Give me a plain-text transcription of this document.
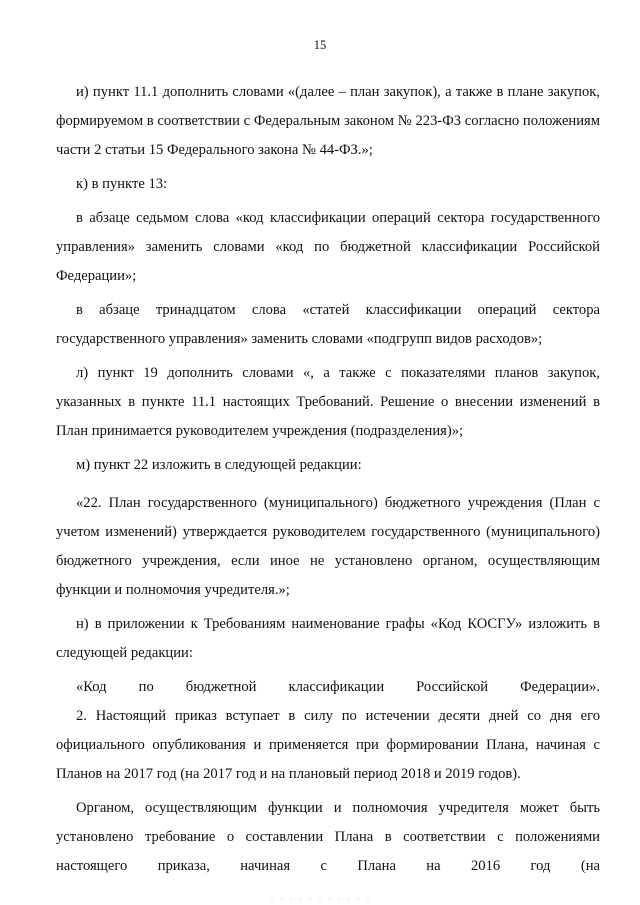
15

и) пункт 11.1 дополнить словами «(далее – план закупок), а также в плане закупок, формируемом в соответствии с Федеральным законом № 223-ФЗ согласно положениям части 2 статьи 15 Федерального закона № 44-ФЗ.»;

к) в пункте 13:

в абзаце седьмом слова «код классификации операций сектора государственного управления» заменить словами «код по бюджетной классификации Российской Федерации»;

в абзаце тринадцатом слова «статей классификации операций сектора государственного управления» заменить словами «подгрупп видов расходов»;

л) пункт 19 дополнить словами «, а также с показателями планов закупок, указанных в пункте 11.1 настоящих Требований. Решение о внесении изменений в План принимается руководителем учреждения (подразделения)»;

м) пункт 22 изложить в следующей редакции:

«22. План государственного (муниципального) бюджетного учреждения (План с учетом изменений) утверждается руководителем государственного (муниципального) бюджетного учреждения, если иное не установлено органом, осуществляющим функции и полномочия учредителя.»;

н) в приложении к Требованиям наименование графы «Код КОСГУ» изложить в следующей редакции:

«Код по бюджетной классификации Российской Федерации».

2. Настоящий приказ вступает в силу по истечении десяти дней со дня его официального опубликования и применяется при формировании Плана, начиная с Планов на 2017 год (на 2017 год и на плановый период 2018 и 2019 годов).

Органом, осуществляющим функции и полномочия учредителя может быть установлено требование о составлении Плана в соответствии с положениями настоящего приказа, начиная с Плана на 2016 год (на

· · · · · · · · · · ·
